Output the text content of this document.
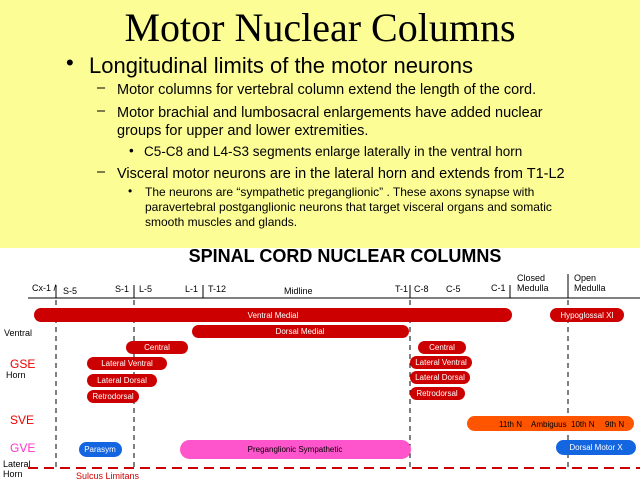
Motor Nuclear Columns
• Longitudinal limits of the motor neurons
– Motor columns for vertebral column extend the length of the cord.
– Motor brachial and lumbosacral enlargements have added nuclear
groups for upper and lower extremities.
• C5-C8 and L4-S3 segments enlarge laterally in the ventral horn
– Visceral motor neurons are in the lateral horn and extends from T1-L2
• The neurons are “sympathetic preganglionic” . These axons synapse with
paravertebral postganglionic neurons that target visceral organs and somatic
smooth muscles and glands.
SPINAL CORD NUCLEAR COLUMNS
Cx-1 / S-5	S-1 L-5	L-1 T-12	Midline	T-1 C-8 C-5	C-1
Closed
Medulla
Open
Medulla
Ventral
GSE
Horn
SVE
GVE
Lateral
Horn	Sulcus Limitans
Ventral Medial	Hypoglossal XI
Dorsal Medial
Central
Lateral Ventral
Lateral Dorsal
Retrodorsal
Central
Lateral Ventral
Lateral Dorsal
Retrodorsal
11th N Ambiguus 10th N 9th N
Parasym	Preganglionic Sympathetic	Dorsal Motor X
